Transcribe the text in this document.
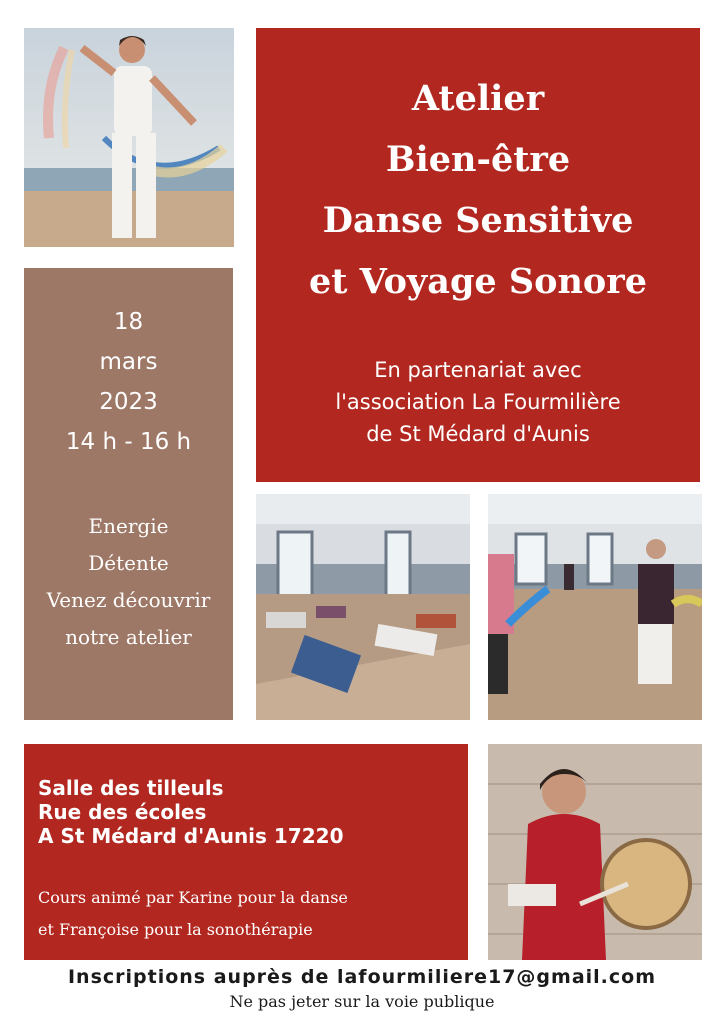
Atelier
Bien-être
Danse Sensitive
et Voyage Sonore
En partenariat avec
l'association La Fourmilière
de St Médard d'Aunis
18
mars
2023
14 h - 16 h
Energie
Détente
Venez découvrir
notre atelier
Salle des tilleuls
Rue des écoles
A St Médard d'Aunis 17220
Cours animé par Karine pour la danse
et Françoise pour la sonothérapie
Inscriptions auprès de lafourmiliere17@gmail.com
Ne pas jeter sur la voie publique
